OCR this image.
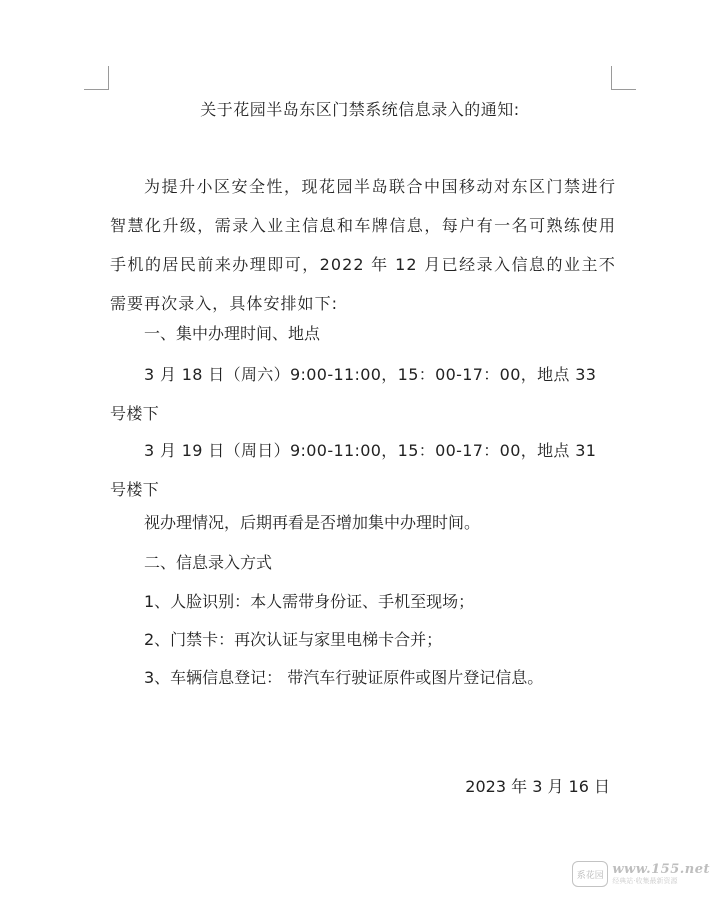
关于花园半岛东区门禁系统信息录入的通知:

为提升小区安全性，现花园半岛联合中国移动对东区门禁进行智慧化升级，需录入业主信息和车牌信息，每户有一名可熟练使用手机的居民前来办理即可，2022 年 12 月已经录入信息的业主不需要再次录入，具体安排如下:

一、集中办理时间、地点

3 月 18 日（周六）9:00-11:00，15：00-17：00，地点 33 号楼下

3 月 19 日（周日）9:00-11:00，15：00-17：00，地点 31 号楼下

视办理情况，后期再看是否增加集中办理时间。
二、信息录入方式
1、人脸识别：本人需带身份证、手机至现场；
2、门禁卡：再次认证与家里电梯卡合并；
3、车辆信息登记： 带汽车行驶证原件或图片登记信息。
2023 年 3 月 16 日
系花园 www.155.net
经典站·收集最新资源
